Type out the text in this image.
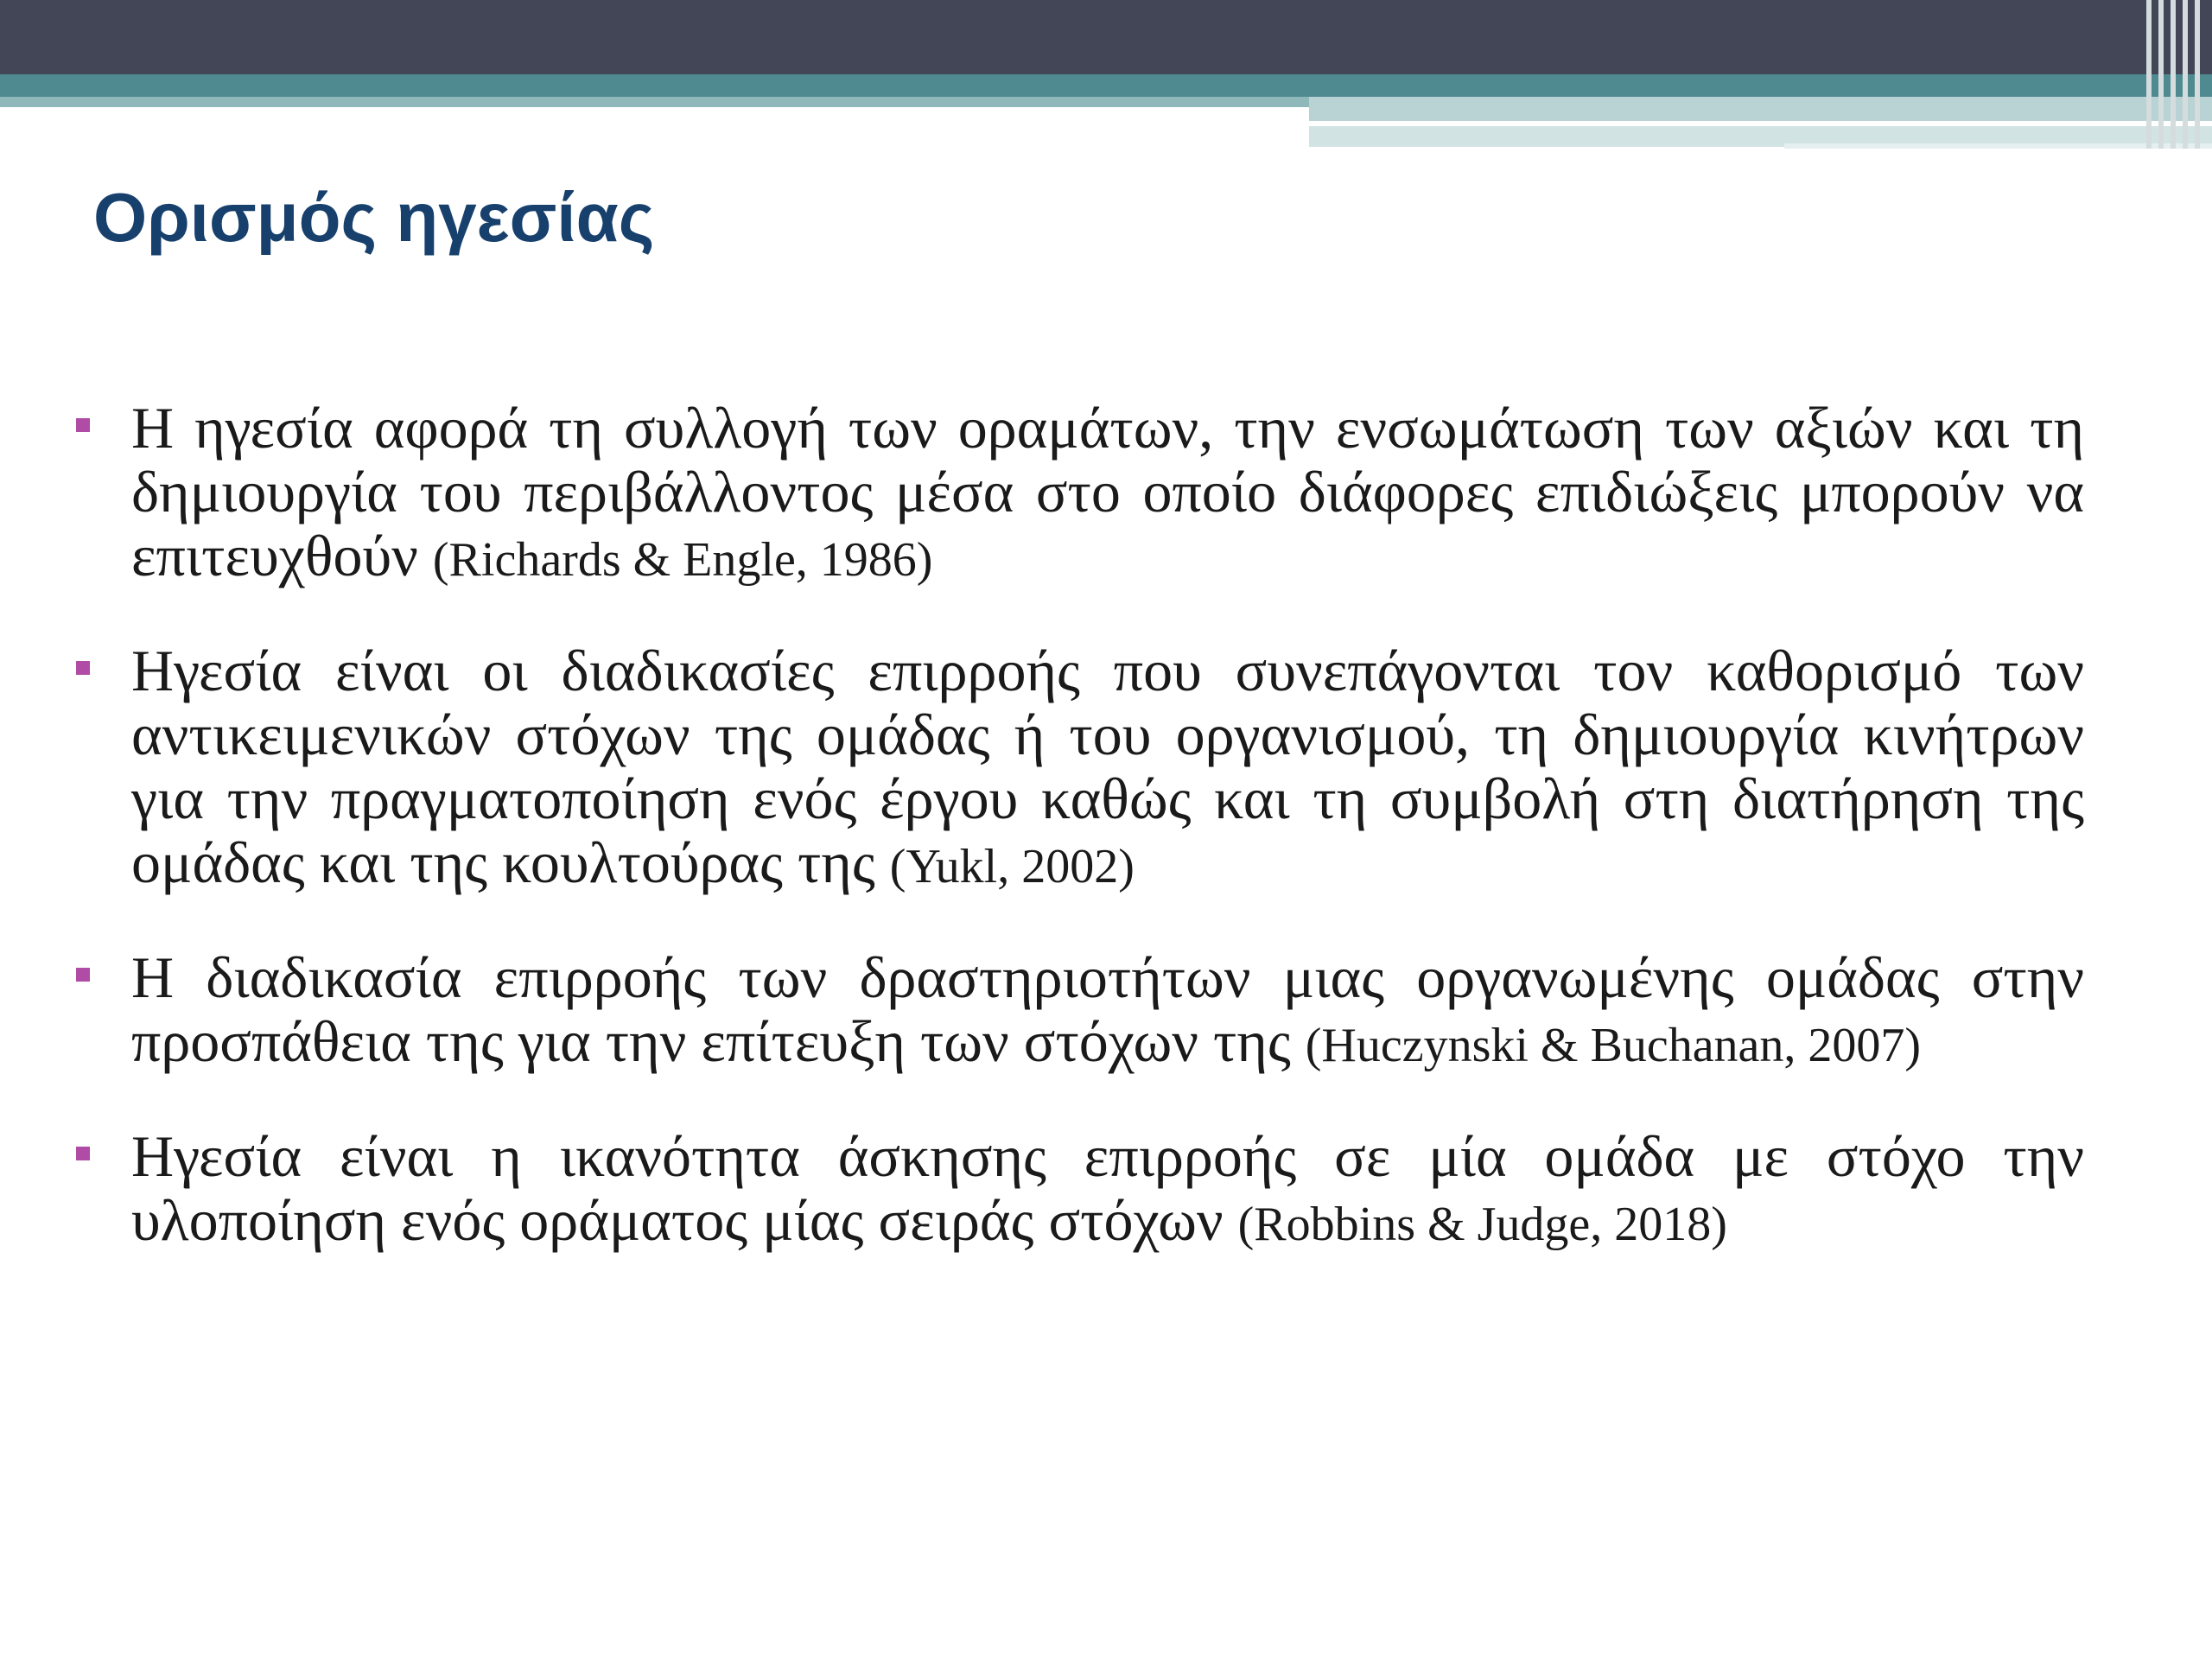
Ορισμός ηγεσίας
Η ηγεσία αφορά τη συλλογή των οραμάτων, την ενσωμάτωση των αξιών και τη δημιουργία του περιβάλλοντος μέσα στο οποίο διάφορες επιδιώξεις μπορούν να επιτευχθούν (Richards & Engle, 1986)
Ηγεσία είναι οι διαδικασίες επιρροής που συνεπάγονται τον καθορισμό των αντικειμενικών στόχων της ομάδας ή του οργανισμού, τη δημιουργία κινήτρων για την πραγματοποίηση ενός έργου καθώς και τη συμβολή στη διατήρηση της ομάδας και της κουλτούρας της (Yukl, 2002)
Η διαδικασία επιρροής των δραστηριοτήτων μιας οργανωμένης ομάδας στην προσπάθεια της για την επίτευξη των στόχων της (Huczynski & Buchanan, 2007)
Ηγεσία είναι η ικανότητα άσκησης επιρροής σε μία ομάδα με στόχο την υλοποίηση ενός οράματος μίας σειράς στόχων (Robbins & Judge, 2018)
